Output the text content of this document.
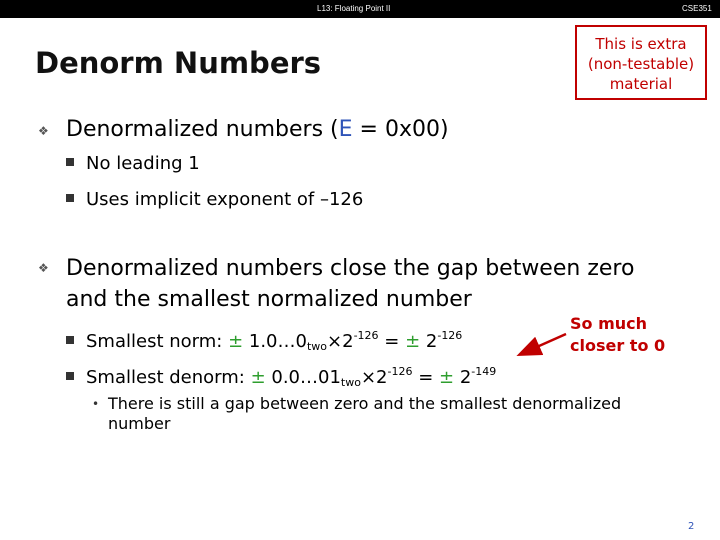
L13: Floating Point II	CSE351
Denorm Numbers
This is extra
(non-testable)
material
❖ Denormalized numbers (E = 0x00)
No leading 1
Uses implicit exponent of –126
❖ Denormalized numbers close the gap between zero
and the smallest normalized number
Smallest norm: ± $1.0\dots 0_{two}\times 2^{-126}$ = ± $2^{-126}$
Smallest denorm: ± $0.0\dots 01_{two}\times 2^{-126}$ = ± $2^{-149}$
• There is still a gap between zero and the smallest denormalized number
So much closer to 0
2
